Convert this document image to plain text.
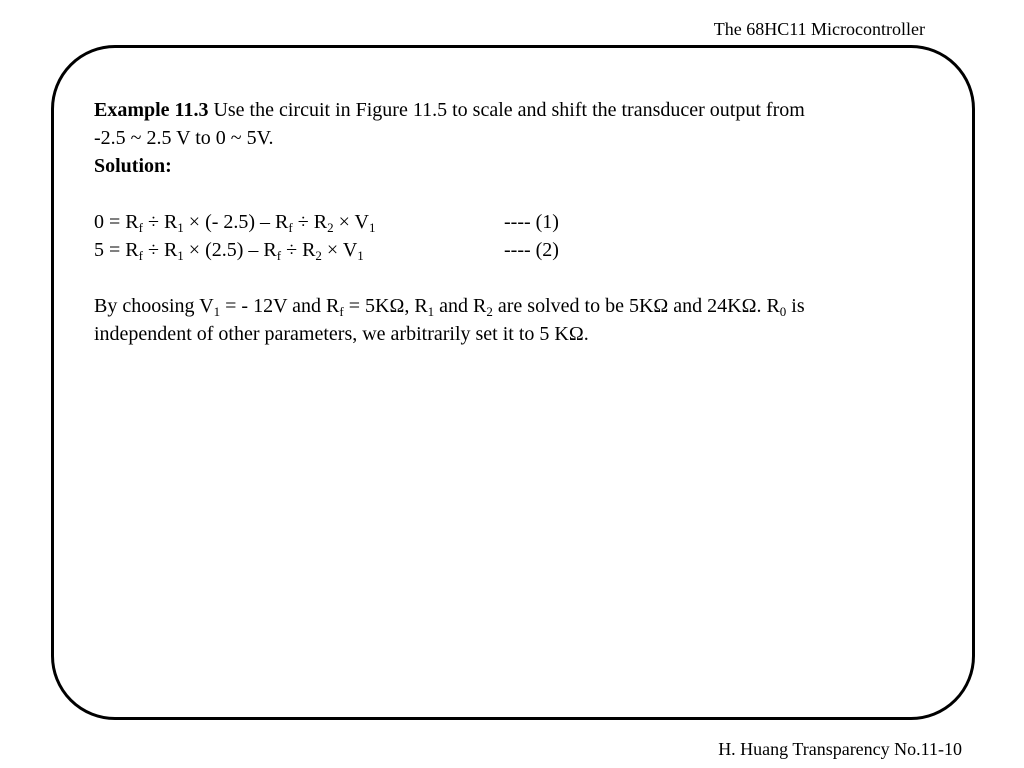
The 68HC11 Microcontroller

Example 11.3 Use the circuit in Figure 11.5 to scale and shift the transducer output from
-2.5 ~ 2.5 V to 0 ~ 5V.

Solution:

$0 = R_f \div R_1$ × (- $2.5) - R_f \div R_2 \times V_1$	---- (1)
$5 = R_f \div R_1 \times (2.5) - R_f \div R_2 \times V_1$	---- (2)

By choosing $V_1$ = - 12V and $R_f = 5K\Omega$, $R_1$ and $R_2$ are solved to be 5KΩ and 24KΩ. $R_0$ is
independent of other parameters, we arbitrarily set it to 5 KΩ.

H. Huang Transparency No.11-10
